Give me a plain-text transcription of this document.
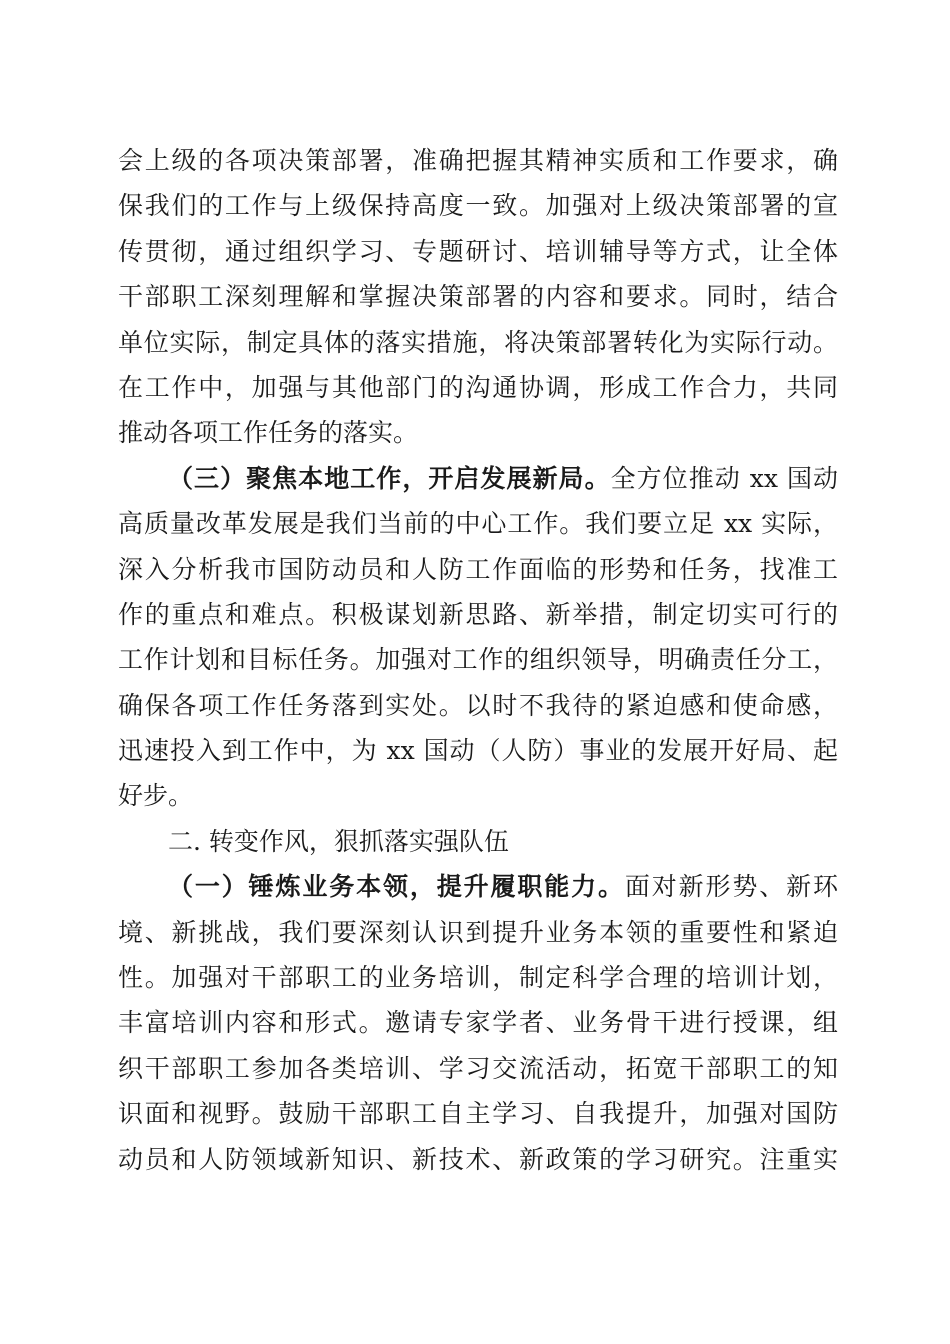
会上级的各项决策部署，准确把握其精神实质和工作要求，确
保我们的工作与上级保持高度一致。加强对上级决策部署的宣
传贯彻，通过组织学习、专题研讨、培训辅导等方式，让全体
干部职工深刻理解和掌握决策部署的内容和要求。同时，结合
单位实际，制定具体的落实措施，将决策部署转化为实际行动。
在工作中，加强与其他部门的沟通协调，形成工作合力，共同
推动各项工作任务的落实。
（三）聚焦本地工作，开启发展新局。全方位推动 xx 国动
高质量改革发展是我们当前的中心工作。我们要立足 xx 实际，
深入分析我市国防动员和人防工作面临的形势和任务，找准工
作的重点和难点。积极谋划新思路、新举措，制定切实可行的
工作计划和目标任务。加强对工作的组织领导，明确责任分工，
确保各项工作任务落到实处。以时不我待的紧迫感和使命感，
迅速投入到工作中，为 xx 国动（人防）事业的发展开好局、起
好步。
二. 转变作风，狠抓落实强队伍
（一）锤炼业务本领，提升履职能力。面对新形势、新环
境、新挑战，我们要深刻认识到提升业务本领的重要性和紧迫
性。加强对干部职工的业务培训，制定科学合理的培训计划，
丰富培训内容和形式。邀请专家学者、业务骨干进行授课，组
织干部职工参加各类培训、学习交流活动，拓宽干部职工的知
识面和视野。鼓励干部职工自主学习、自我提升，加强对国防
动员和人防领域新知识、新技术、新政策的学习研究。注重实
